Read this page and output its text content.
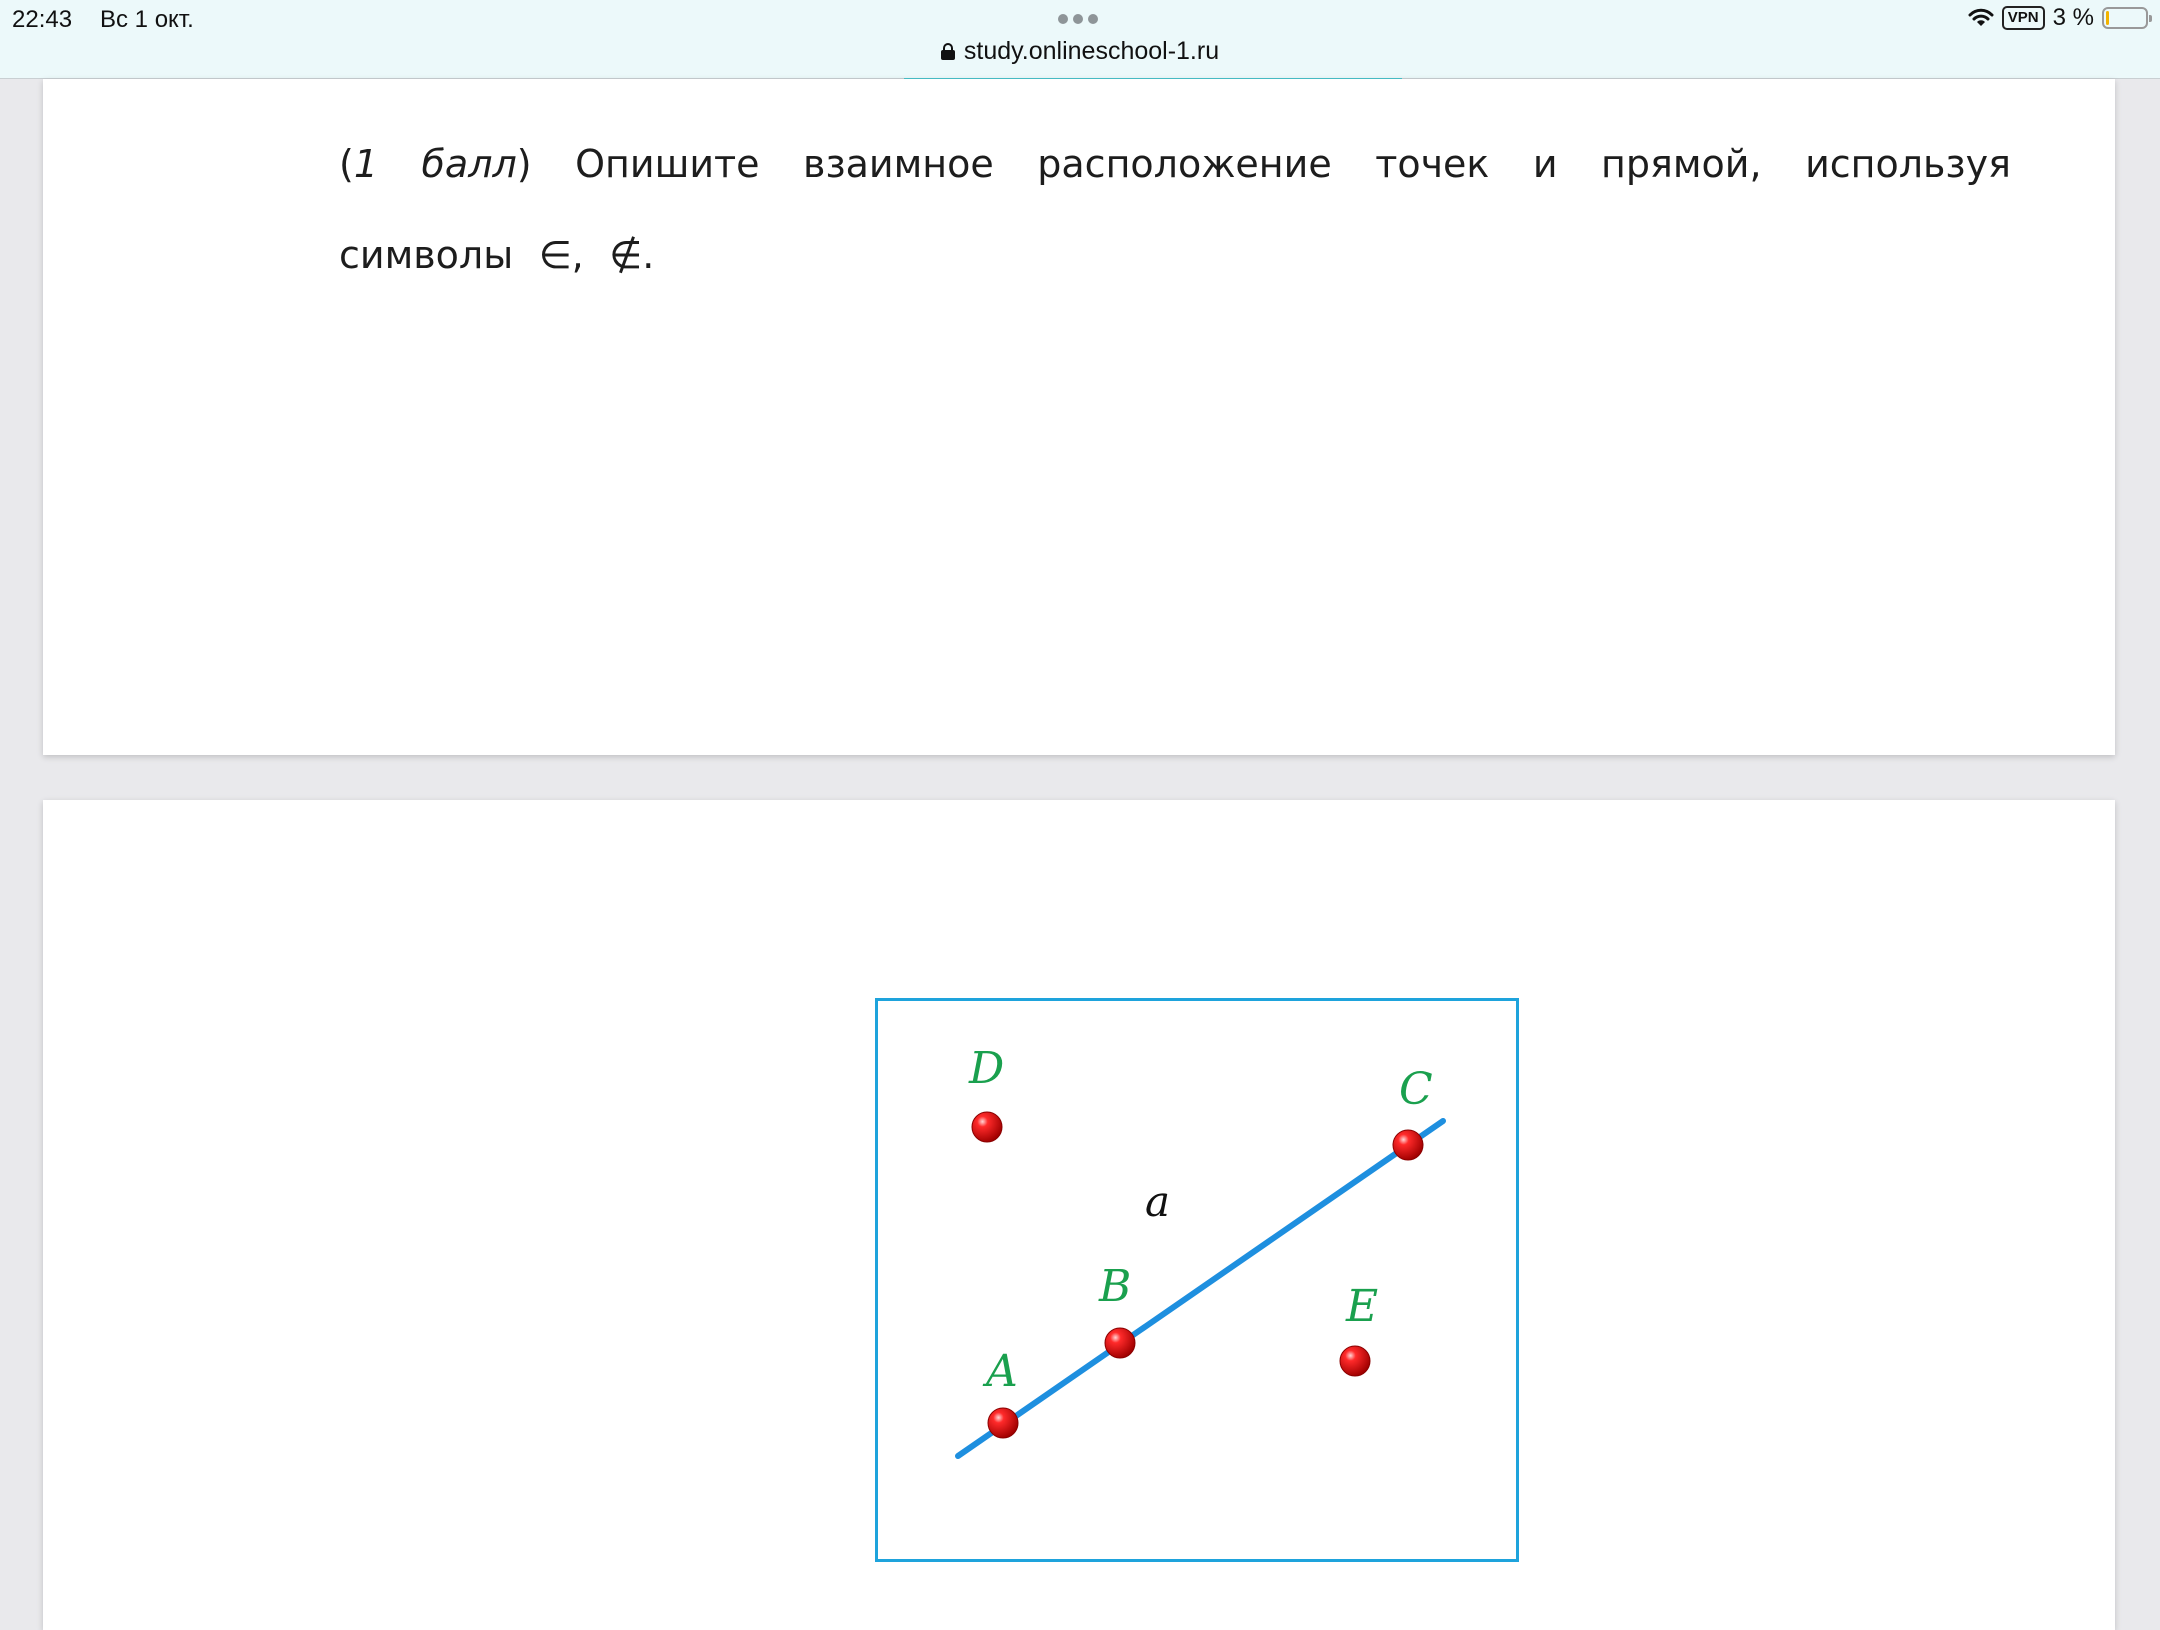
22:43 Вс 1 окт.
study.onlineschool-1.ru
VPN 3 %

(1 балл) Опишите взаимное расположение точек и прямой, используя символы ∈, ∉.

a
D	C
B	E
A
